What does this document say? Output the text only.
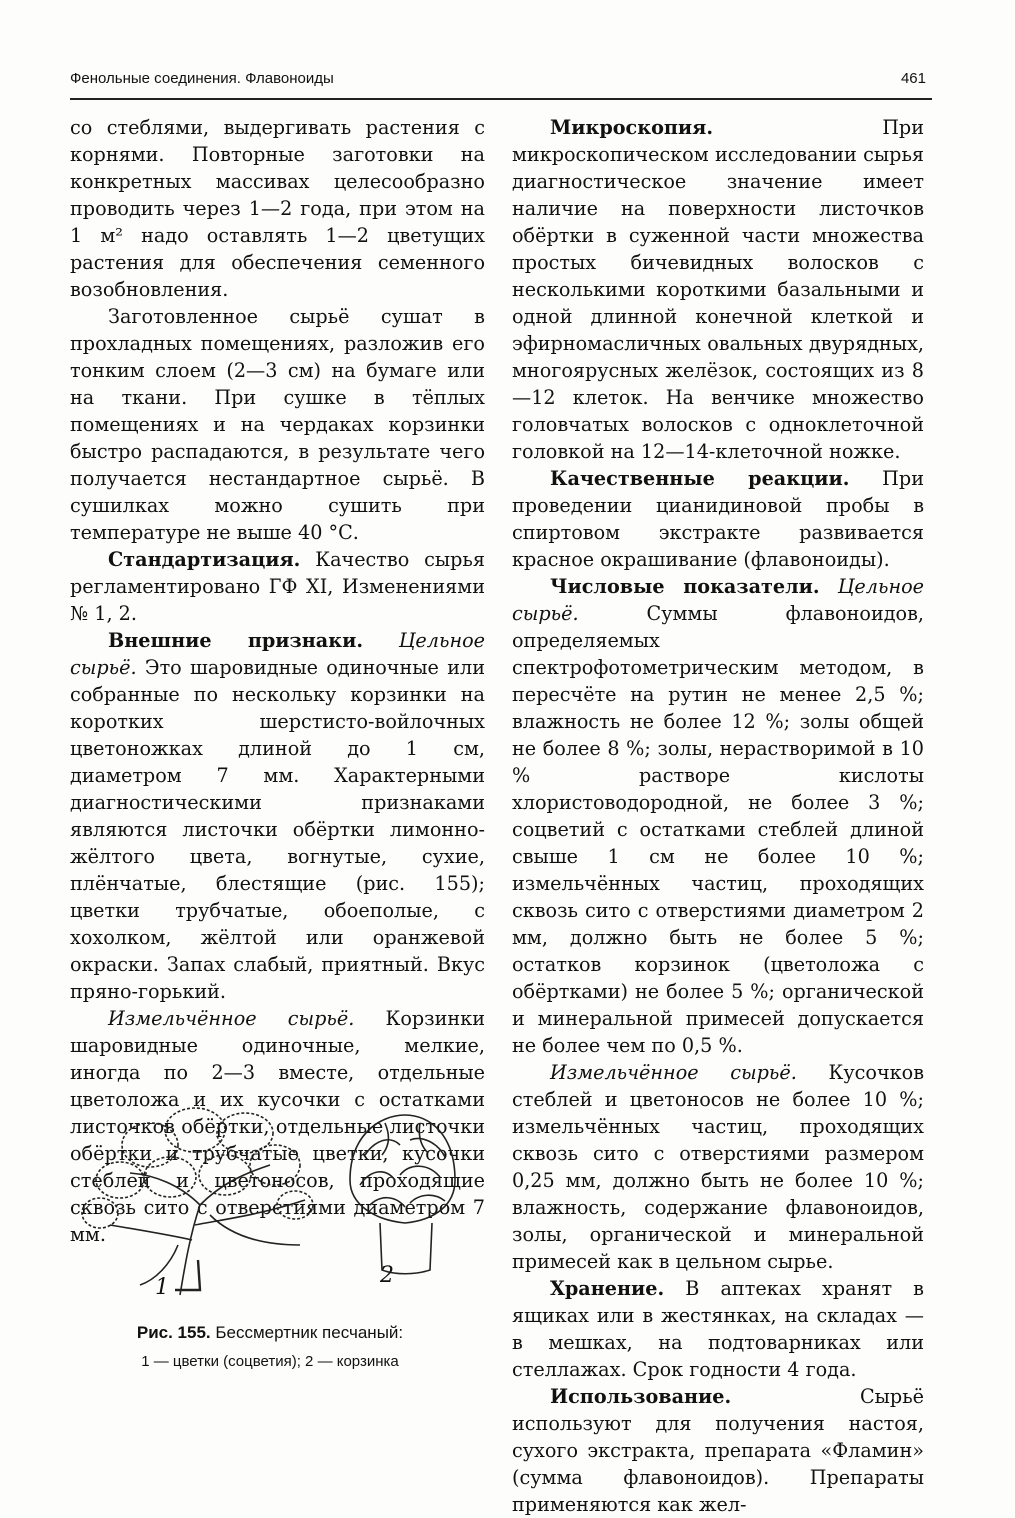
Фенольные соединения. Флавоноиды	461

со стеблями, выдергивать растения с корнями. Повторные заготовки на конкретных массивах целесообразно проводить через 1—2 года, при этом на 1 м² надо оставлять 1—2 цветущих растения для обеспечения семенного возобновления.

Заготовленное сырьё сушат в прохладных помещениях, разложив его тонким слоем (2—3 см) на бумаге или на ткани. При сушке в тёплых помещениях и на чердаках корзинки быстро распадаются, в результате чего получается нестандартное сырьё. В сушилках можно сушить при температуре не выше 40 °С.

Стандартизация. Качество сырья регламентировано ГФ XI, Изменениями № 1, 2.

Внешние признаки. Цельное сырьё. Это шаровидные одиночные или собранные по нескольку корзинки на коротких шерстисто-войлочных цветоножках длиной до 1 см, диаметром 7 мм. Характерными диагностическими признаками являются листочки обёртки лимонно-жёлтого цвета, вогнутые, сухие, плёнчатые, блестящие (рис. 155); цветки трубчатые, обоеполые, с хохолком, жёлтой или оранжевой окраски. Запах слабый, приятный. Вкус пряно-горький.

Измельчённое сырьё. Корзинки шаровидные одиночные, мелкие, иногда по 2—3 вместе, отдельные цветоложа и их кусочки с остатками листочков обёртки, отдельные листочки обёртки и трубчатые цветки, кусочки стеблей и цветоносов, проходящие сквозь сито с отверстиями диаметром 7 мм.

1	2
Рис. 155. Бессмертник песчаный:
1 — цветки (соцветия); 2 — корзинка

Микроскопия. При микроскопическом исследовании сырья диагностическое значение имеет наличие на поверхности листочков обёртки в суженной части множества простых бичевидных волосков с несколькими короткими базальными и одной длинной конечной клеткой и эфирномасличных овальных двурядных, многоярусных желёзок, состоящих из 8—12 клеток. На венчике множество головчатых волосков с одноклеточной головкой на 12—14-клеточной ножке.

Качественные реакции. При проведении цианидиновой пробы в спиртовом экстракте развивается красное окрашивание (флавоноиды).

Числовые показатели. Цельное сырьё. Суммы флавоноидов, определяемых спектрофотометрическим методом, в пересчёте на рутин не менее 2,5 %; влажность не более 12 %; золы общей не более 8 %; золы, нерастворимой в 10 % растворе кислоты хлористоводородной, не более 3 %; соцветий с остатками стеблей длиной свыше 1 см не более 10 %; измельчённых частиц, проходящих сквозь сито с отверстиями диаметром 2 мм, должно быть не более 5 %; остатков корзинок (цветоложа с обёртками) не более 5 %; органической и минеральной примесей допускается не более чем по 0,5 %.

Измельчённое сырьё. Кусочков стеблей и цветоносов не более 10 %; измельчённых частиц, проходящих сквозь сито с отверстиями размером 0,25 мм, должно быть не более 10 %; влажность, содержание флавоноидов, золы, органической и минеральной примесей как в цельном сырье.

Хранение. В аптеках хранят в ящиках или в жестянках, на складах — в мешках, на подтоварниках или стеллажах. Срок годности 4 года.

Использование. Сырьё используют для получения настоя, сухого экстракта, препарата «Фламин» (сумма флавоноидов). Препараты применяются как жел-
